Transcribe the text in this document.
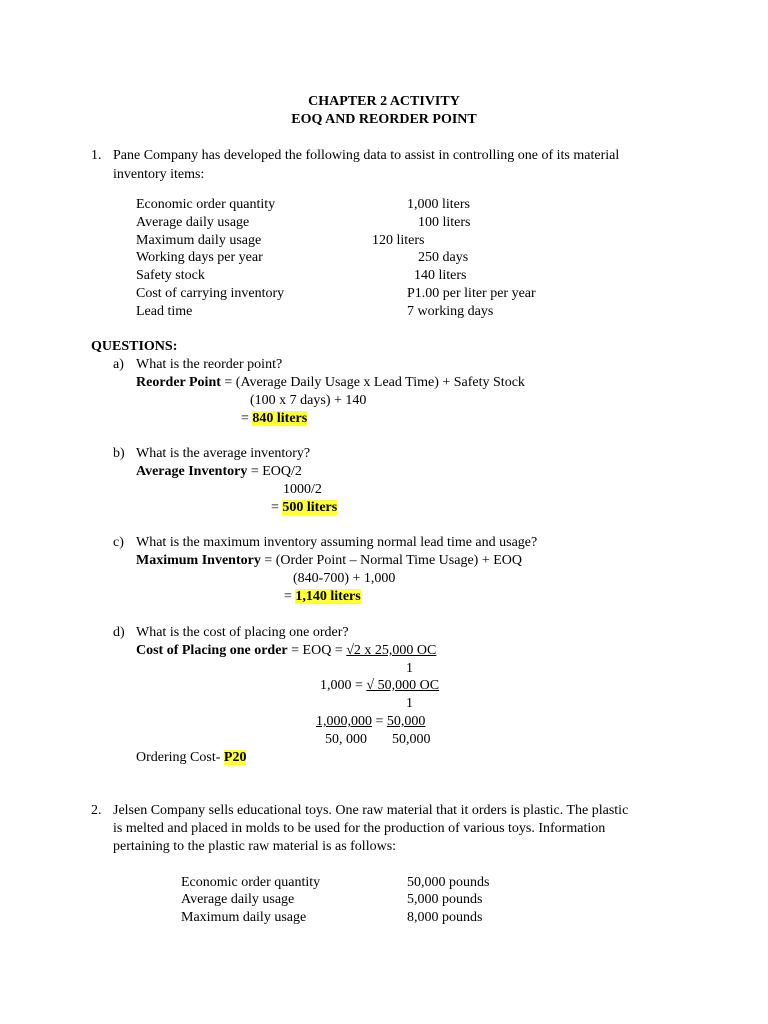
CHAPTER 2 ACTIVITY
EOQ AND REORDER POINT
1. Pane Company has developed the following data to assist in controlling one of its material
inventory items:
Economic order quantity	1,000 liters
Average daily usage	100 liters
Maximum daily usage	120 liters
Working days per year	250 days
Safety stock	140 liters
Cost of carrying inventory	P1.00 per liter per year
Lead time	7 working days
QUESTIONS:
a) What is the reorder point?
Reorder Point = (Average Daily Usage x Lead Time) + Safety Stock
(100 x 7 days) + 140
= 840 liters
b) What is the average inventory?
Average Inventory = EOQ/2
1000/2
= 500 liters
c) What is the maximum inventory assuming normal lead time and usage?
Maximum Inventory = (Order Point – Normal Time Usage) + EOQ
(840-700) + 1,000
= 1,140 liters
d) What is the cost of placing one order?
Cost of Placing one order = EOQ = √2 x 25,000 OC
1
1,000 = √ 50,000 OC
1
1,000,000 = 50,000
50, 000 50,000
Ordering Cost- P20
2. Jelsen Company sells educational toys. One raw material that it orders is plastic. The plastic
is melted and placed in molds to be used for the production of various toys. Information
pertaining to the plastic raw material is as follows:
Economic order quantity	50,000 pounds
Average daily usage	5,000 pounds
Maximum daily usage	8,000 pounds
